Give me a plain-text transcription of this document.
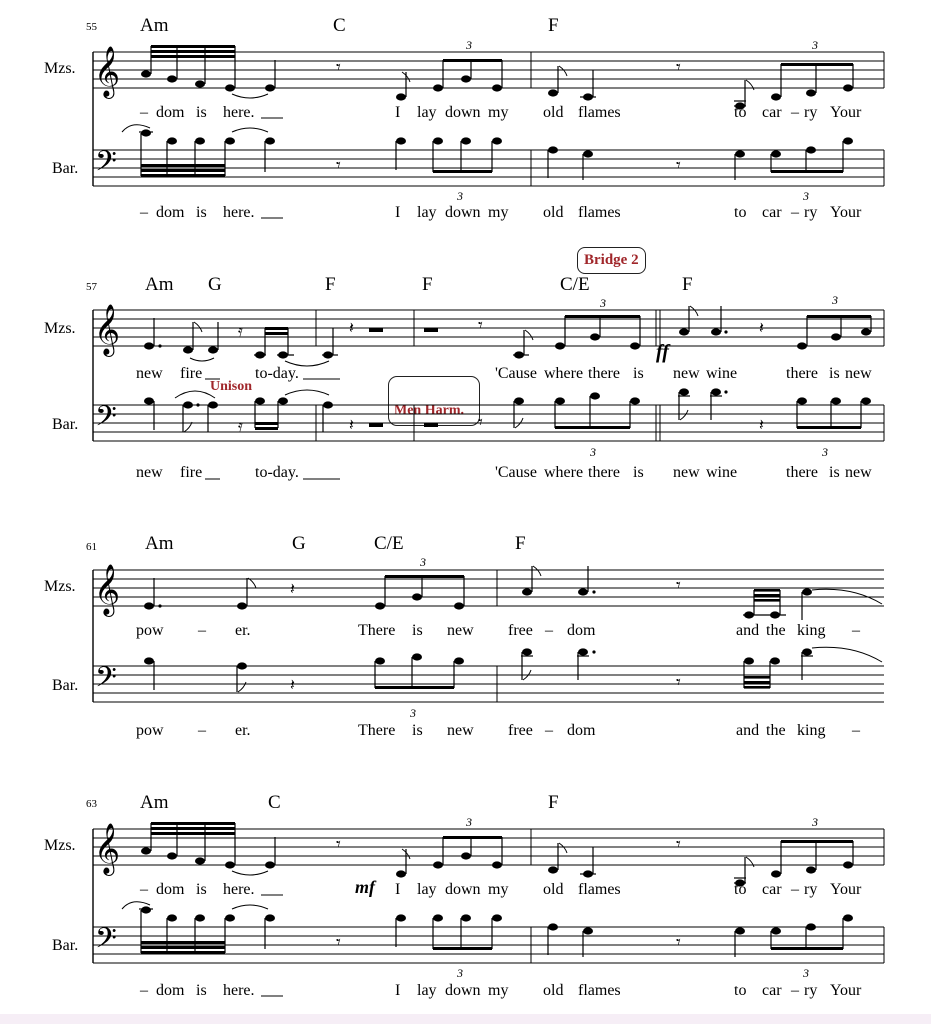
55 Am	C	F
Mzs.
Bar.
𝄞
𝄢
𝄾	𝄾
3	3
𝄾	𝄾
3	3
– dom is here.	I lay down my old flames	to car – ry Your
– dom is here.	I lay down my old flames	to car – ry Your
Bridge 2
57	Am G	F	F	C/E	F
Mzs.
Bar.
Unison
Men Harm.
ff
𝄞
𝄢
𝄿	𝄽	𝄾	𝄽
3	3
𝄿	𝄽	𝄾	𝄽
3	3
new fire	to-day.	'Cause where there is new wine	there is new
new fire	to-day.	'Cause where there is new wine	there is new
61	Am	G	C/E	F
Mzs.
Bar.
𝄞
𝄢
𝄽	𝄾
3
𝄽	𝄾
3
pow – er.	There is new free – dom	and the king –
pow – er.	There is new free – dom	and the king –
63 Am	C	F
Mzs.
Bar.
mf
𝄞
𝄢
𝄾	𝄾
3	3
𝄾	𝄾
3	3
– dom is here.	I lay down my old flames	to car – ry Your
– dom is here.	I lay down my old flames	to car – ry Your
